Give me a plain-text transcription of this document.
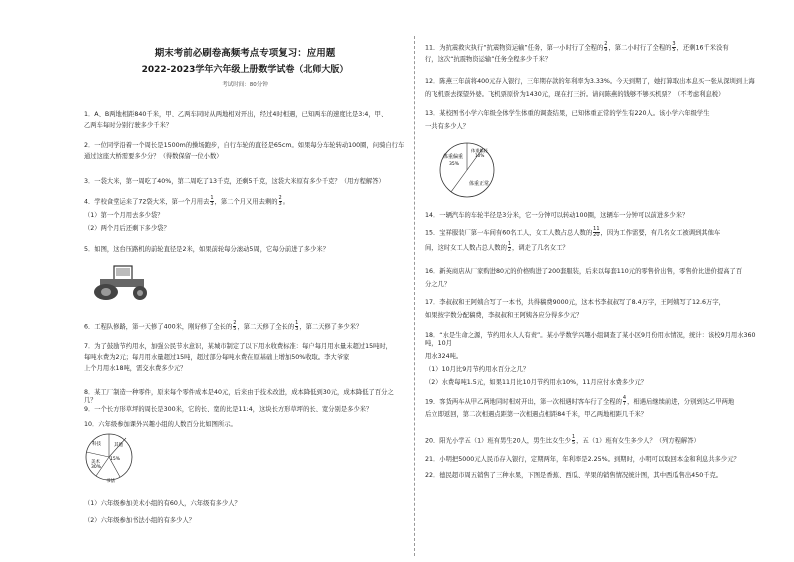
期末考前必刷卷高频考点专项复习：应用题
2022-2023学年六年级上册数学试卷（北师大版）
考试时间：80分钟
1．A、B两地相距840千米，甲、乙两车同时从两地相对开出，经过4时相遇，已知两车的速度比是3:4，甲、
乙两车每时分别行驶多少千米？
2．一位同学沿着一个周长是1500m的操场跑步，自行车轮的直径是65cm。如果每分车轮转动100圈，问骑自行车
通过这座大桥需要多少分？（得数保留一位小数）
3．一袋大米，第一周吃了40%，第二周吃了13千克，还剩5千克，这袋大米原有多少千克？（用方程解答）
4．学校食堂运来了72袋大米，第一个月用去 $\frac{1}{3}$ ，第二个月又用去剩的 $\frac{2}{3}$ 。
（1）第一个月用去多少袋？
（2）两个月后还剩下多少袋？
5．如图，这台压路机的前轮直径是2米，如果前轮每分滚动5周，它每分前进了多少米？
6．工程队修路，第一天修了400米，刚好修了全长的 $\frac{2}{5}$ ，第二天修了全长的 $\frac{1}{3}$ ，第二天修了多少米？
7．为了鼓励节约用水，加强公民节水意识，某城市制定了以下用水收费标准：每户每月用水量未超过15吨时，
每吨水费为2元；每月用水量超过15吨，超过部分每吨水费在原基础上增加50%收取。李大爷家
上个月用水18吨，需交水费多少元？
8．某工厂制造一种零件，原来每个零件成本是40元，后来由于技术改进，成本降低到30元，成本降低了百分之几？
9．一个长方形草坪的周长是300米，它的长、宽的比是11:4，这块长方形草坪的长、宽分别是多少米？
10．六年级参加课外兴趣小组的人数百分比如图所示。
科技
美术
30%
15%
书法
其他
（1）六年级参加美术小组的有60人，六年级有多少人？
（2）六年级参加书法小组的有多少人？
11．为抗震救灾执行“抗震物资运输”任务，第一小时行了全程的 $\frac{2}{9}$ ，第二小时行了全程的 $\frac{3}{5}$ ，还剩16千米没有
行，这次“抗震物资运输”任务全程多少千米？
12．陈燕三年前将400元存入银行，三年期存款的年利率为3.33%。今天到期了，她打算取出本息买一张从深圳到上海
的飞机票去探望外婆。飞机票原价为1430元，现在打三折。请问陈燕的钱够不够买机票？（不考虑利息税）
13．某校图书小学六年级全体学生体重的调查结果，已知体重正常的学生有220人。该小学六年级学生
一共有多少人？
体重偏重
35%
体重偏轻
10%
体重正常
14．一辆汽车的车轮半径是3分米，它一分钟可以转动100圈，这辆车一分钟可以前进多少米？
15．宝祥服装厂第一车间有60名工人，女工人数占总人数的 $\frac{11}{20}$ ，因为工作需要，有几名女工被调到其他车
间，这时女工人数占总人数的 $\frac{1}{2}$ ，调走了几名女工？
16．新英商店从厂家购进80元的价格购进了200套服装，后来以每套110元的零售价出售，零售价比进价提高了百
分之几？
17．李叔叔和王阿姨合写了一本书，共得稿费9000元，这本书李叔叔写了8.4万字，王阿姨写了12.6万字，
如果按字数分配稿费，李叔叔和王阿姨各应分得多少元？
18．“水是生命之源，节约用水人人有责”。某小学数学兴趣小组调查了某小区9月份用水情况，统计：该校9月用水360吨，10月
用水324吨。
（1）10月比9月节约用水百分之几？
（2）水费每吨1.5元，如果11月比10月节约用水10%，11月应付水费多少元？
19．客货两车从甲乙两地同时相对开出，第一次相遇时客车行了全程的 $\frac{4}{7}$ ，相遇后继续前进，分别到达乙甲两地
后立即返回，第二次相遇点距第一次相遇点相距84千米，甲乙两地相距几千米？
20．阳光小学五（1）班有男生20人，男生比女生少 $\frac{1}{5}$ ，五（1）班有女生多少人？（列方程解答）
21．小明把5000元人民币存入银行，定期两年，年利率是2.25%。到期时，小明可以取回本金和利息共多少元？
22．德民超市周五销售了三种水果，下图是香蕉、西瓜、苹果的销售情况统计图，其中西瓜售出450千克。
